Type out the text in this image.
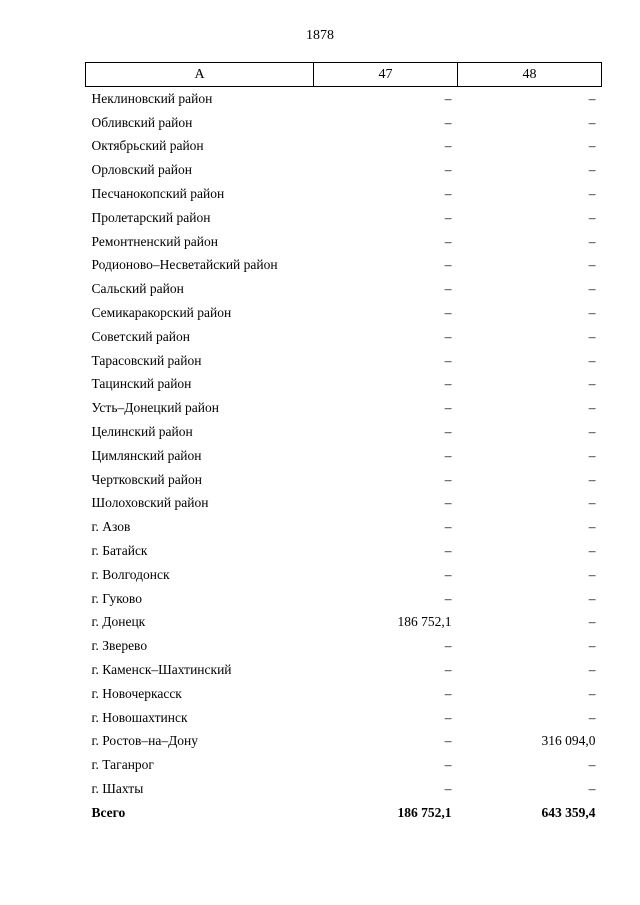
1878
А	47	48
Неклиновский район	–	–
Обливский район	–	–
Октябрьский район	–	–
Орловский район	–	–
Песчанокопский район	–	–
Пролетарский район	–	–
Ремонтненский район	–	–
Родионово–Несветайский район	–	–
Сальский район	–	–
Семикаракорский район	–	–
Советский район	–	–
Тарасовский район	–	–
Тацинский район	–	–
Усть–Донецкий район	–	–
Целинский район	–	–
Цимлянский район	–	–
Чертковский район	–	–
Шолоховский район	–	–
г. Азов	–	–
г. Батайск	–	–
г. Волгодонск	–	–
г. Гуково	–	–
г. Донецк	186 752,1	–
г. Зверево	–	–
г. Каменск–Шахтинский	–	–
г. Новочеркасск	–	–
г. Новошахтинск	–	–
г. Ростов–на–Дону	–	316 094,0
г. Таганрог	–	–
г. Шахты	–	–
Всего	186 752,1	643 359,4
